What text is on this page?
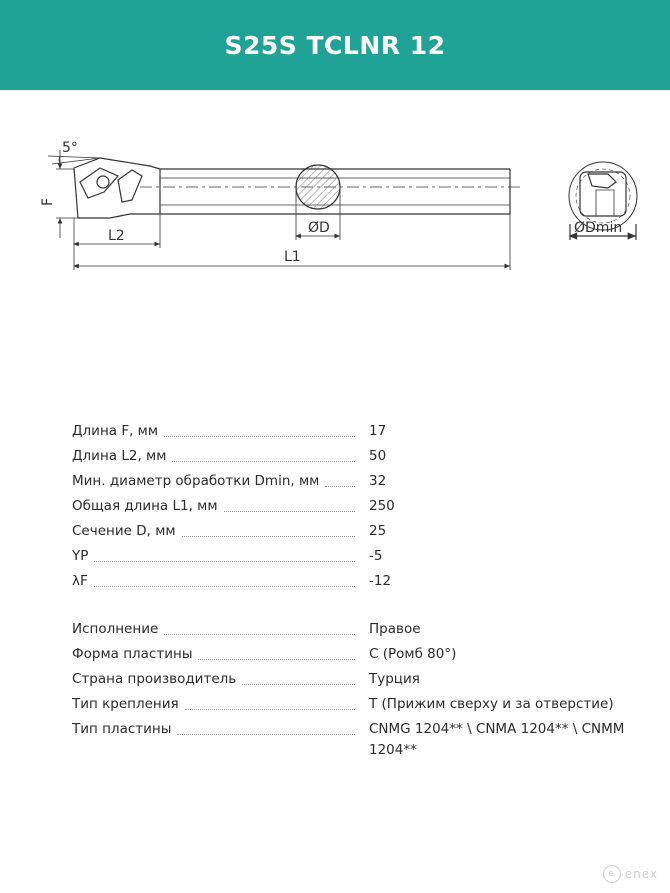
S25S TCLNR 12
5°
F
L2
L1
ØD	ØDmin
Длина F, мм	17
Длина L2, мм	50
Мин. диаметр обработки Dmin, мм	32
Общая длина L1, мм	250
Сечение D, мм	25
YP	-5
λF	-12
Исполнение	Правое
Форма пластины	C (Ромб 80°)
Страна производитель	Турция
Тип крепления	T (Прижим сверху и за отверстие)
Тип пластины	CNMG 1204** \ CNMA 1204** \ CNMM 1204**
e enex
